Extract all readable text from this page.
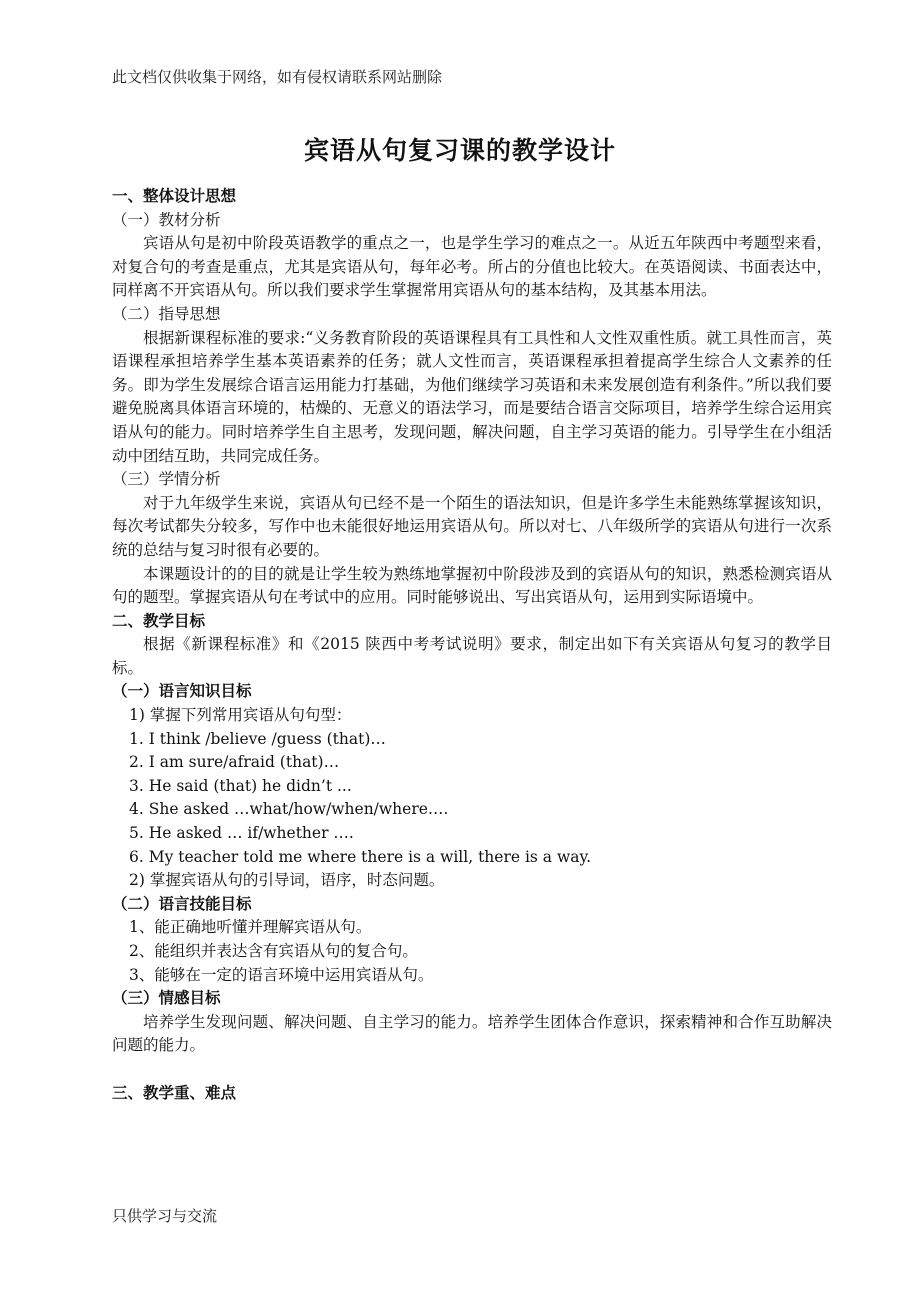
此文档仅供收集于网络，如有侵权请联系网站删除
宾语从句复习课的教学设计

一、整体设计思想

（一）教材分析

宾语从句是初中阶段英语教学的重点之一，也是学生学习的难点之一。从近五年陕西中考题型来看，对复合句的考查是重点，尤其是宾语从句，每年必考。所占的分值也比较大。在英语阅读、书面表达中，同样离不开宾语从句。所以我们要求学生掌握常用宾语从句的基本结构，及其基本用法。

（二）指导思想

根据新课程标准的要求:“义务教育阶段的英语课程具有工具性和人文性双重性质。就工具性而言，英语课程承担培养学生基本英语素养的任务；就人文性而言，英语课程承担着提高学生综合人文素养的任务。即为学生发展综合语言运用能力打基础，为他们继续学习英语和未来发展创造有利条件。”所以我们要避免脱离具体语言环境的，枯燥的、无意义的语法学习，而是要结合语言交际项目，培养学生综合运用宾语从句的能力。同时培养学生自主思考，发现问题，解决问题，自主学习英语的能力。引导学生在小组活动中团结互助，共同完成任务。

（三）学情分析

对于九年级学生来说，宾语从句已经不是一个陌生的语法知识，但是许多学生未能熟练掌握该知识，每次考试都失分较多，写作中也未能很好地运用宾语从句。所以对七、八年级所学的宾语从句进行一次系统的总结与复习时很有必要的。

本课题设计的的目的就是让学生较为熟练地掌握初中阶段涉及到的宾语从句的知识，熟悉检测宾语从句的题型。掌握宾语从句在考试中的应用。同时能够说出、写出宾语从句，运用到实际语境中。

二、教学目标

根据《新课程标准》和《2015 陕西中考考试说明》要求，制定出如下有关宾语从句复习的教学目标。

（一）语言知识目标

1) 掌握下列常用宾语从句句型：

1. I think /believe /guess (that)…

2. I am sure/afraid (that)…

3. He said (that) he didn’t ...

4. She asked …what/how/when/where….

5. He asked … if/whether ….

6. My teacher told me where there is a will, there is a way.

2) 掌握宾语从句的引导词，语序，时态问题。

（二）语言技能目标

1、能正确地听懂并理解宾语从句。

2、能组织并表达含有宾语从句的复合句。

3、能够在一定的语言环境中运用宾语从句。

（三）情感目标

培养学生发现问题、解决问题、自主学习的能力。培养学生团体合作意识，探索精神和合作互助解决问题的能力。

三、教学重、难点

只供学习与交流
